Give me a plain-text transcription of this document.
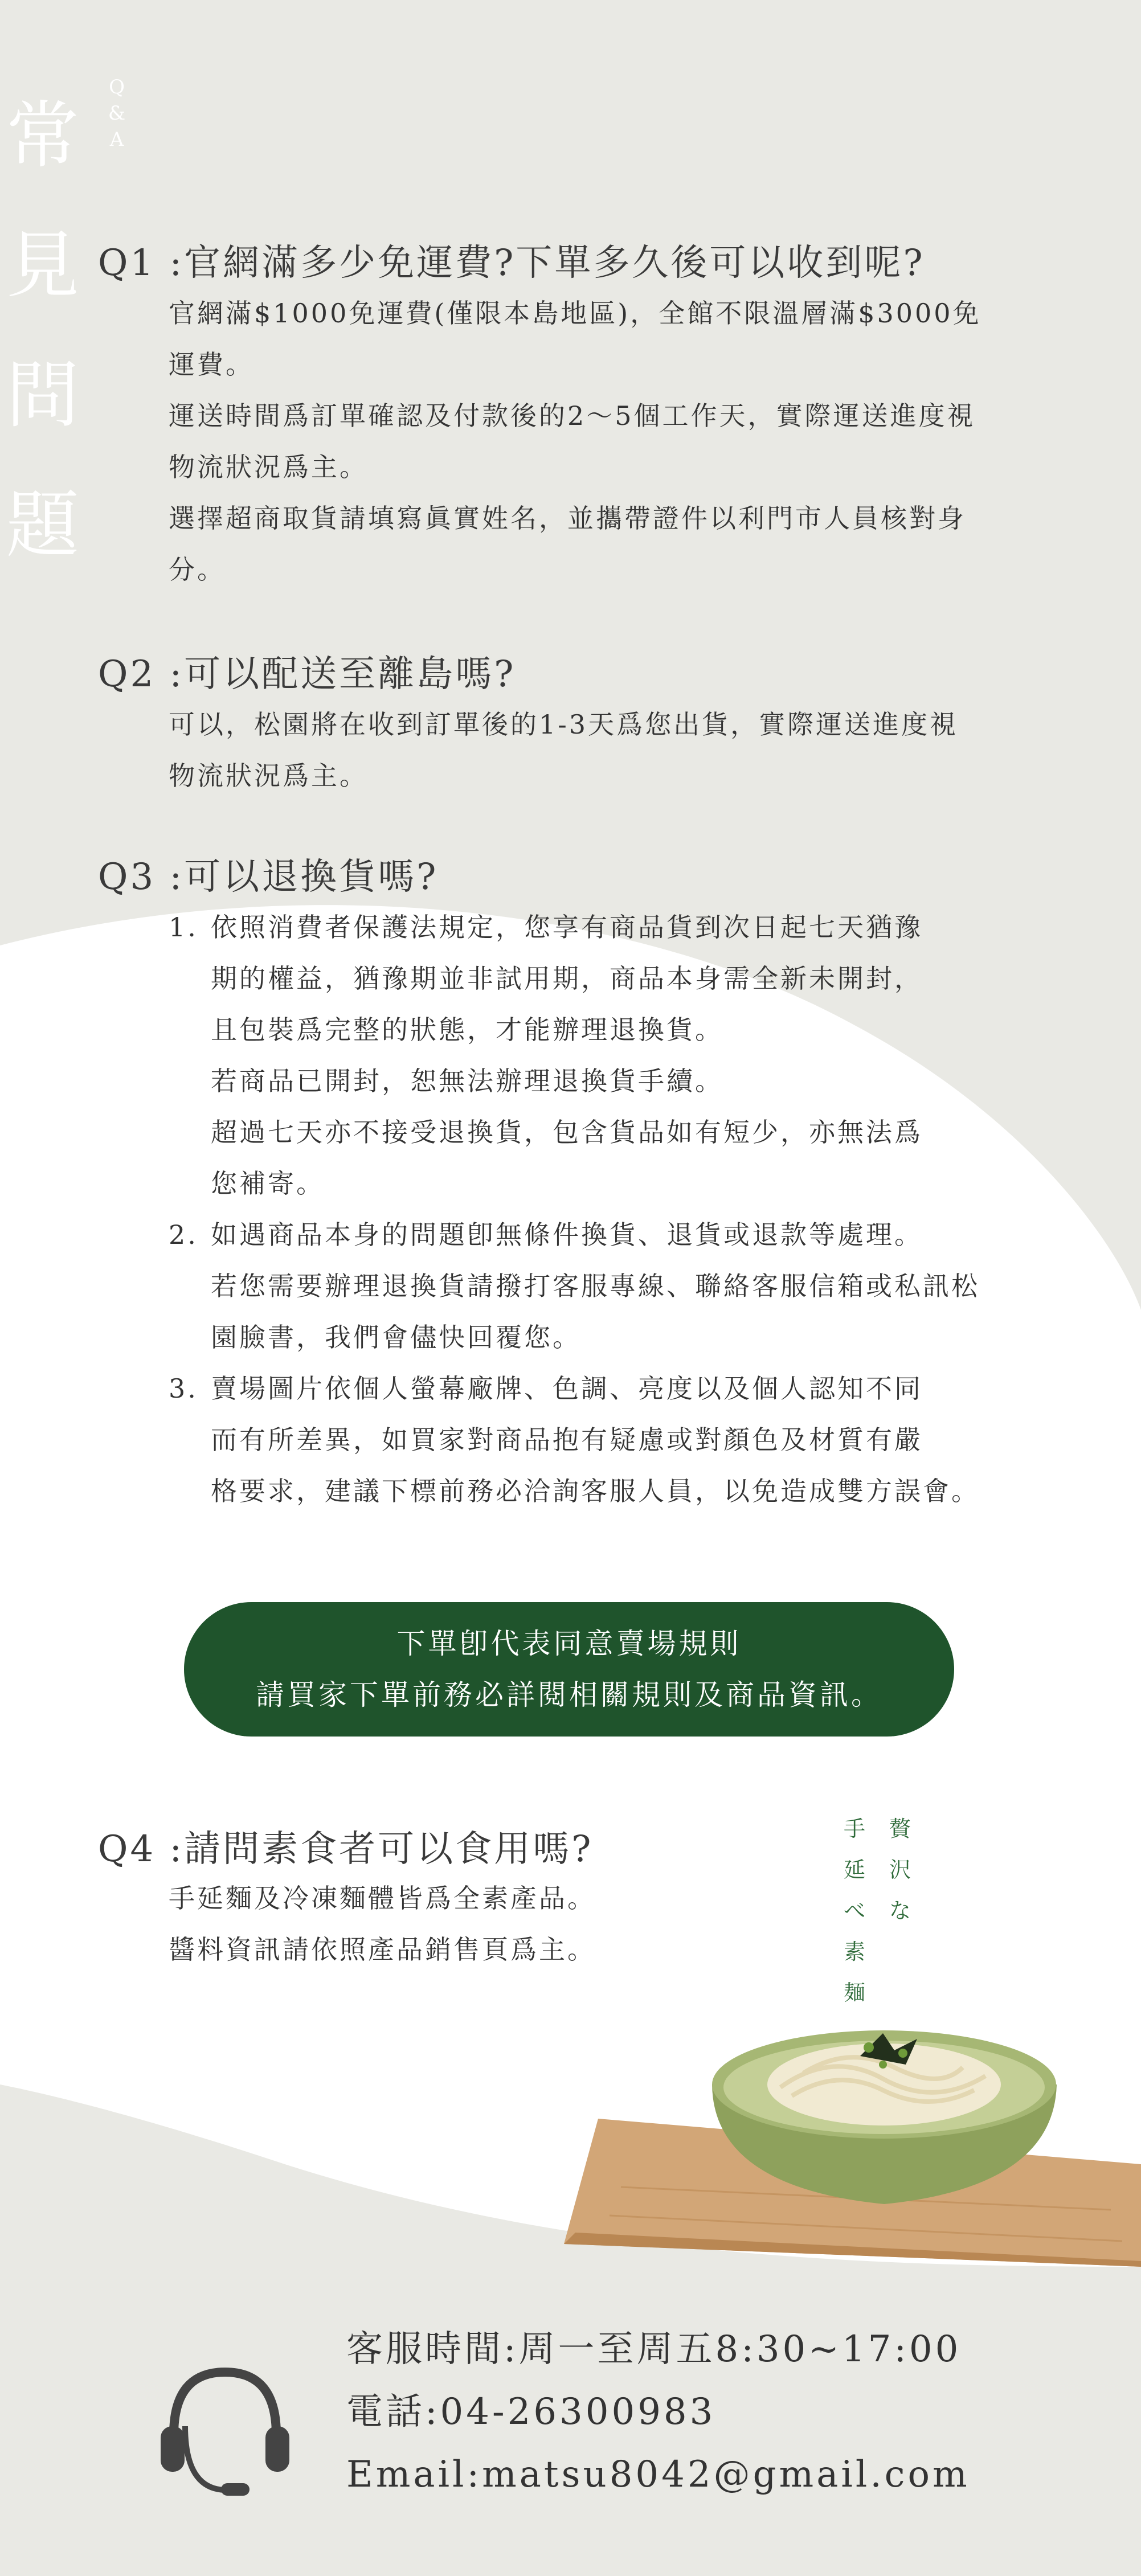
常
見
問
題
Q
&
A
Q1 :官網滿多少免運費?下單多久後可以收到呢?

官網滿$1000免運費(僅限本島地區)，全館不限溫層滿$3000免

運費。

運送時間爲訂單確認及付款後的2～5個工作天，實際運送進度視

物流狀況爲主。

選擇超商取貨請填寫眞實姓名，並攜帶證件以利門市人員核對身

分。

Q2 :可以配送至離島嗎?

可以，松園將在收到訂單後的1-3天爲您出貨，實際運送進度視

物流狀況爲主。

Q3 :可以退換貨嗎?
1. 依照消費者保護法規定，您享有商品貨到次日起七天猶豫

期的權益，猶豫期並非試用期，商品本身需全新未開封，

且包裝爲完整的狀態，才能辦理退換貨。

若商品已開封，恕無法辦理退換貨手續。

超過七天亦不接受退換貨，包含貨品如有短少，亦無法爲

您補寄。

2. 如遇商品本身的問題卽無條件換貨、退貨或退款等處理。

若您需要辦理退換貨請撥打客服專線、聯絡客服信箱或私訊松

園臉書，我們會儘快回覆您。

3. 賣場圖片依個人螢幕廠牌、色調、亮度以及個人認知不同

而有所差異，如買家對商品抱有疑慮或對顏色及材質有嚴

格要求，建議下標前務必洽詢客服人員，以免造成雙方誤會。

下單卽代表同意賣場規則
請買家下單前務必詳閱相關規則及商品資訊。
Q4 :請問素食者可以食用嗎?

手延麵及冷凍麵體皆爲全素產品。

醬料資訊請依照產品銷售頁爲主。

贅
沢
な
手
延
べ
素
麺
客服時間:周一至周五8:30~17:00
電話:04-26300983
Email:matsu8042@gmail.com
